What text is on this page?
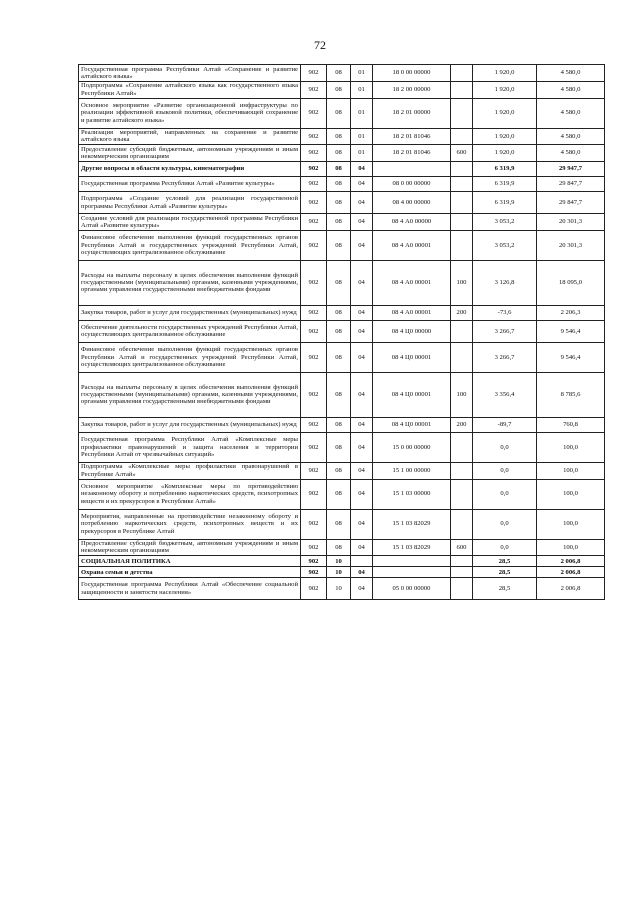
72
Государственная программа Республики Алтай «Сохранение и развитие алтайского языка»	902	08	01	18 0 00 00000		1 920,0	4 580,0
Подпрограмма «Сохранение алтайского языка как государственного языка Республики Алтай»	902	08	01	18 2 00 00000		1 920,0	4 580,0
Основное мероприятие «Развитие организационной инфраструктуры по реализации эффективной языковой политики, обеспечивающей сохранение и развитие алтайского языка»	902	08	01	18 2 01 00000		1 920,0	4 580,0
Реализация мероприятий, направленных на сохранение и развитие алтайского языка	902	08	01	18 2 01 81046		1 920,0	4 580,0
Предоставление субсидий бюджетным, автономным учреждениям и иным некоммерческим организациям	902	08	01	18 2 01 81046	600	1 920,0	4 580,0
Другие вопросы в области культуры, кинематографии	902	08	04			6 319,9	29 947,7
Государственная программа Республики Алтай «Развитие культуры»	902	08	04	08 0 00 00000		6 319,9	29 847,7
Подпрограмма «Создание условий для реализации государственной программы Республики Алтай «Развитие культуры»	902	08	04	08 4 00 00000		6 319,9	29 847,7
Создание условий для реализации государственной программы Республики Алтай «Развитие культуры»	902	08	04	08 4 А0 00000		3 053,2	20 301,3
Финансовое обеспечение выполнения функций государственных органов Республики Алтай и государственных учреждений Республики Алтай, осуществляющих централизованное обслуживание	902	08	04	08 4 А0 00001		3 053,2	20 301,3
Расходы на выплаты персоналу в целях обеспечения выполнения функций государственными (муниципальными) органами, казенными учреждениями, органами управления государственными внебюджетными фондами	902	08	04	08 4 А0 00001	100	3 126,8	18 095,0
Закупка товаров, работ и услуг для государственных (муниципальных) нужд	902	08	04	08 4 А0 00001	200	-73,6	2 206,3
Обеспечение деятельности государственных учреждений Республики Алтай, осуществляющих централизованное обслуживание	902	08	04	08 4 Ц0 00000		3 266,7	9 546,4
Финансовое обеспечение выполнения функций государственных органов Республики Алтай и государственных учреждений Республики Алтай, осуществляющих централизованное обслуживание	902	08	04	08 4 Ц0 00001		3 266,7	9 546,4
Расходы на выплаты персоналу в целях обеспечения выполнения функций государственными (муниципальными) органами, казенными учреждениями, органами управления государственными внебюджетными фондами	902	08	04	08 4 Ц0 00001	100	3 356,4	8 785,6
Закупка товаров, работ и услуг для государственных (муниципальных) нужд	902	08	04	08 4 Ц0 00001	200	-89,7	760,8
Государственная программа Республики Алтай «Комплексные меры профилактики правонарушений и защита населения и территории Республики Алтай от чрезвычайных ситуаций»	902	08	04	15 0 00 00000		0,0	100,0
Подпрограмма «Комплексные меры профилактики правонарушений в Республике Алтай»	902	08	04	15 1 00 00000		0,0	100,0
Основное мероприятие «Комплексные меры по противодействию незаконному обороту и потреблению наркотических средств, психотропных веществ и их прекурсоров в Республике Алтай»	902	08	04	15 1 03 00000		0,0	100,0
Мероприятия, направленные на противодействие незаконному обороту и потреблению наркотических средств, психотропных веществ и их прекурсоров в Республике Алтай	902	08	04	15 1 03 82029		0,0	100,0
Предоставление субсидий бюджетным, автономным учреждениям и иным некоммерческим организациям	902	08	04	15 1 03 82029	600	0,0	100,0
СОЦИАЛЬНАЯ ПОЛИТИКА	902	10				28,5	2 006,8
Охрана семьи и детства	902	10	04			28,5	2 006,8
Государственная программа Республики Алтай «Обеспечение социальной защищенности и занятости населения»	902	10	04	05 0 00 00000		28,5	2 006,8
